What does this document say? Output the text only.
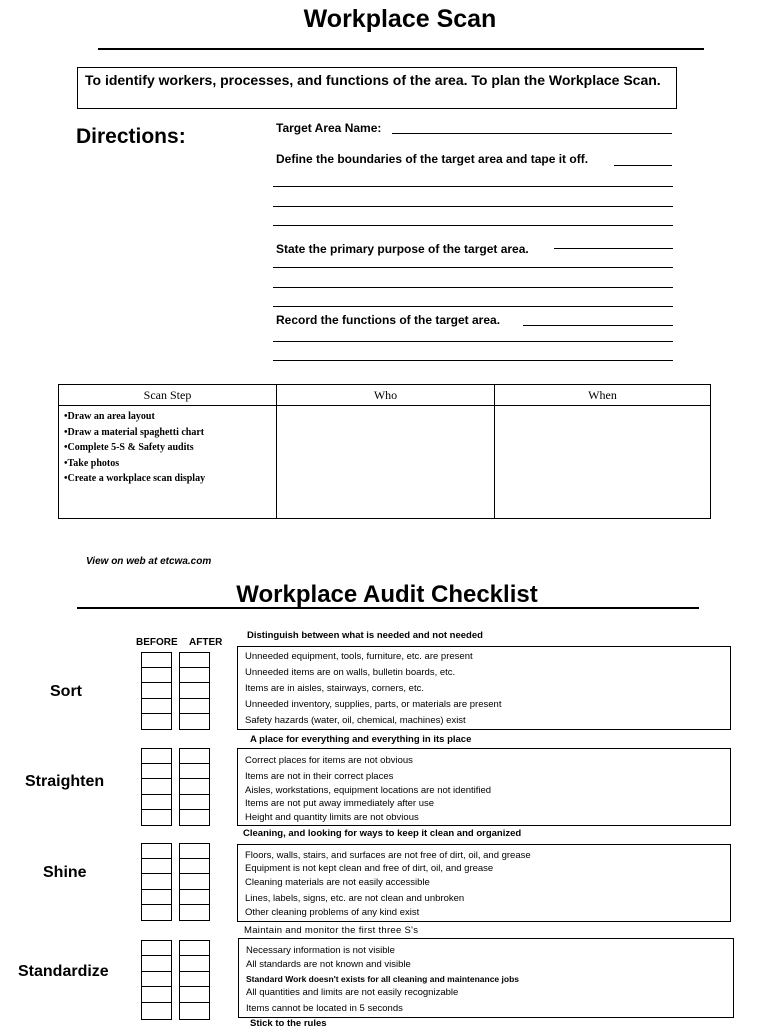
Workplace Scan
To identify workers, processes, and functions of the area. To plan the Workplace Scan.
Directions:	Target Area Name:
Define the boundaries of the target area and tape it off.
State the primary purpose of the target area.
Record the functions of the target area.
Scan Step	Who	When

•Draw an area layout
•Draw a material spaghetti chart
•Complete 5-S & Safety audits
•Take photos
•Create a workplace scan display		

View on web at etcwa.com
Workplace Audit Checklist
BEFORE AFTER
Distinguish between what is needed and not needed
Sort
Unneeded equipment, tools, furniture, etc. are present
Unneeded items are on walls, bulletin boards, etc.
Items are in aisles, stairways, corners, etc.
Unneeded inventory, supplies, parts, or materials are present
Safety hazards (water, oil, chemical, machines) exist
A place for everything and everything in its place
Straighten
Correct places for items are not obvious
Items are not in their correct places
Aisles, workstations, equipment locations are not identified
Items are not put away immediately after use
Height and quantity limits are not obvious
Cleaning, and looking for ways to keep it clean and organized
Shine
Floors, walls, stairs, and surfaces are not free of dirt, oil, and grease
Equipment is not kept clean and free of dirt, oil, and grease
Cleaning materials are not easily accessible
Lines, labels, signs, etc. are not clean and unbroken
Other cleaning problems of any kind exist
Maintain and monitor the first three S's
Standardize
Necessary information is not visible
All standards are not known and visible
Standard Work doesn't exists for all cleaning and maintenance jobs
All quantities and limits are not easily recognizable
Items cannot be located in 5 seconds
Stick to the rules
